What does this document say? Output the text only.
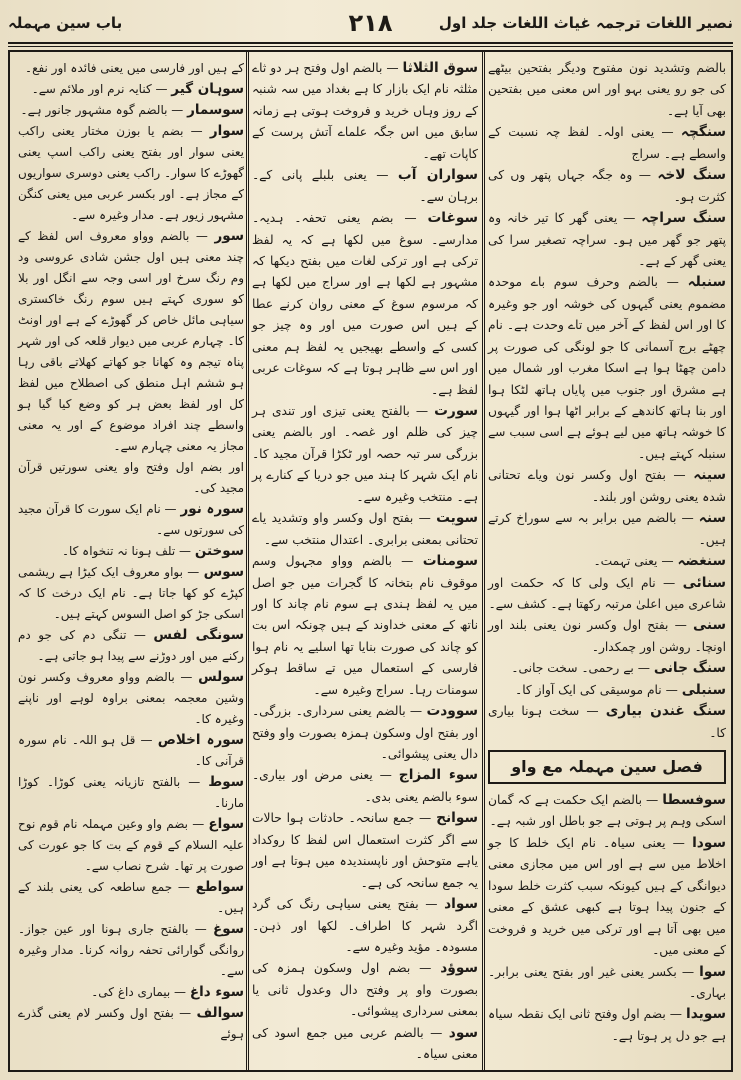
باب سین مہملہ	۲۱۸	نصیر اللغات ترجمہ غیاث اللغات جلد اول

بالضم وتشدید نون مفتوح ودیگر بفتحین بیٹھے کی جو رو یعنی بہو اور اس معنی میں بفتحین بھی آیا ہے۔

سنگچہ — یعنی اولہ۔ لفظ چہ نسبت کے واسطے ہے۔ سراج

سنگ لاخہ — وہ جگہ جہاں پتھر وں کی کثرت ہو۔

سنگ سراچہ — یعنی گھر کا تیر خانہ وہ پتھر جو گھر میں ہو۔ سراچہ تصغیر سرا کی یعنی گھر کے ہے۔

سنبلہ — بالضم وحرف سوم باے موحدہ مضموم یعنی گیہوں کی خوشہ اور جو وغیرہ کا اور اس لفظ کے آخر میں تاے وحدت ہے۔ نام چھٹے برج آسمانی کا جو لونگی کی صورت پر دامن چھٹا ہوا ہے اسکا مغرب اور شمال میں ہے مشرق اور جنوب میں پایاں ہاتھ لٹکا ہوا اور بنا ہاتھ کاندھے کے برابر اٹھا ہوا اور گیہوں کا خوشہ ہاتھ میں لیے ہوئے ہے اسی سبب سے سنبلہ کہتے ہیں۔

سینہ — بفتح اول وکسر نون ویاے تحتانی شدہ یعنی روشن اور بلند۔

سنہ — بالضم میں برابر بہ سے سوراخ کرتے ہیں۔

سنغضہ — یعنی تہمت۔

سنائی — نام ایک ولی کا کہ حکمت اور شاعری میں اعلیٰ مرتبہ رکھتا ہے۔ کشف سے۔

سنی — بفتح اول وکسر نون یعنی بلند اور اونچا۔ روشن اور چمکدار۔

سنگ جانی — بے رحمی۔ سخت جانی۔

سنبلی — نام موسیقی کی ایک آواز کا۔

سنگ غندن بیاری — سخت ہونا بیاری کا۔

فصل سین مہملہ مع واو

سوفسطا — بالضم ایک حکمت ہے کہ گمان اسکی وہم پر ہوتی ہے جو باطل اور شبہ ہے۔

سودا — یعنی سیاہ۔ نام ایک خلط کا جو اخلاط میں سے ہے اور اس میں مجازی معنی دیوانگی کے ہیں کیونکہ سبب کثرت خلط سودا کے جنون پیدا ہوتا ہے کبھی عشق کے معنی میں بھی آتا ہے اور ترکی میں خرید و فروخت کے معنی میں۔

سوا — بکسر یعنی غیر اور بفتح یعنی برابر۔ بہاری۔

سویدا — بضم اول وفتح ثانی ایک نقطہ سیاہ ہے جو دل پر ہوتا ہے۔

سوق الثلاثا — بالضم اول وفتح ہر دو ثاے مثلثہ نام ایک بازار کا ہے بغداد میں سہ شنبہ کے روز وہاں خرید و فروخت ہوتی ہے زمانہ سابق میں اس جگہ علماے آتش پرست کے کاپات تھے۔

سواران آب — یعنی بلبلے پانی کے۔ برہان سے۔

سوغات — بضم یعنی تحفہ۔ ہدیہ۔ مدارسے۔ سوغ میں لکھا ہے کہ یہ لفظ ترکی ہے اور ترکی لغات میں بفتح دیکھا کہ مشہور ہے لکھا ہے اور سراج میں لکھا ہے کہ مرسوم سوغ کے معنی روان کرنے عطا کے ہیں اس صورت میں اور وہ چیز جو کسی کے واسطے بھیجیں یہ لفظ ہم معنی اور اس سے ظاہر ہوتا ہے کہ سوغات عربی لفظ ہے۔

سورت — بالفتح یعنی تیزی اور تندی ہر چیز کی ظلم اور غصہ۔ اور بالضم یعنی بزرگی سر تبہ حصہ اور ٹکڑا قرآن مجید کا۔ نام ایک شہر کا ہند میں جو دریا کے کنارے پر ہے۔ منتخب وغیرہ سے۔

سویت — بفتح اول وکسر واو وتشدید یاے تحتانی بمعنی برابری۔ اعتدال منتخب سے۔

سومنات — بالضم وواو مجہول وسم موقوف نام بتخانہ کا گجرات میں جو اصل میں یہ لفظ ہندی ہے سوم نام چاند کا اور ناتھ کے معنی خداوند کے ہیں چونکہ اس بت کو چاند کی صورت بنایا تھا اسلیے یہ نام ہوا فارسی کے استعمال میں تے ساقط ہوکر سومنات رہا۔ سراج وغیرہ سے۔

سوودت — بالضم یعنی سرداری۔ بزرگی۔ اور بفتح اول وسکون ہمزہ بصورت واو وفتح دال یعنی پیشوائی۔

سوء المزاج — یعنی مرض اور بیاری۔ سوء بالضم یعنی بدی۔

سوانح — جمع سانحہ۔ حادثات ہوا حالات سے اگر کثرت استعمال اس لفظ کا روکداد یاہے متوحش اور ناپسندیدہ میں ہوتا ہے اور یہ جمع سانحہ کی ہے۔

سواد — بفتح یعنی سیاہی رنگ کی گرد اگرد شہر کا اطراف۔ لکھا اور ذہن۔ مسودہ۔ مؤید وغیرہ سے۔

سوؤد — بضم اول وسکون ہمزہ کی بصورت واو پر وفتح دال وعدول ثانی یا بمعنی سرداری پیشوائی۔

سود — بالضم عربی میں جمع اسود کی معنی سیاہ۔

کے ہیں اور فارسی میں یعنی فائدہ اور نفع۔

سوہان گیر — کنایہ نرم اور ملائم سے۔

سوسمار — بالضم گوہ مشہور جانور ہے۔

سوار — بضم یا بوزن مختار یعنی راکب یعنی سوار اور بفتح یعنی راکب اسپ یعنی گھوڑے کا سوار۔ راکب یعنی دوسری سواریوں کے مجاز ہے۔ اور بکسر عربی میں یعنی کنگن مشہور زیور ہے۔ مدار وغیرہ سے۔

سور — بالضم وواو معروف اس لفظ کے چند معنی ہیں اول جشن شادی عروسی ود وم رنگ سرخ اور اسی وجہ سے انگل اور بلا کو سوری کہتے ہیں سوم رنگ خاکستری سیاہی مائل خاص کر گھوڑے کے ہے اور اونٹ کا۔ چہارم عربی میں دیوار قلعہ کی اور شہر پناہ تیجم وہ کھانا جو کھاتے کھلاتے باقی رہا ہو ششم اہل منطق کی اصطلاح میں لفظ کل اور لفظ بعض ہر کو وضع کیا گیا ہو واسطے چند افراد موضوع کے اور یہ معنی مجاز یہ معنی چہارم سے۔

اور بضم اول وفتح واو یعنی سورتیں قرآن مجید کی۔

سورہ نور — نام ایک سورت کا قرآن مجید کی سورتوں سے۔

سوختن — تلف ہونا نہ تنخواہ کا۔

سوس — بواو معروف ایک کیڑا ہے ریشمی کپڑے کو کھا جاتا ہے۔ نام ایک درخت کا کہ اسکی جڑ کو اصل السوس کہتے ہیں۔

سونگی لفس — تنگی دم کی جو دم رکنے میں اور دوڑنے سے پیدا ہو جاتی ہے۔

سولس — بالضم وواو معروف وکسر نون وشین معجمہ بمعنی براوہ لوہے اور ناپنے وغیرہ کا۔

سورہ اخلاص — قل ہو اللہ۔ نام سورہ قرآنی کا۔

سوط — بالفتح تازیانہ یعنی کوڑا۔ کوڑا مارنا۔

سواع — بضم واو وعین مہملہ نام قوم نوح علیہ السلام کے قوم کے بت کا جو عورت کی صورت پر تھا۔ شرح نصاب سے۔

سواطع — جمع ساطعہ کی یعنی بلند کے ہیں۔

سوغ — بالفتح جاری ہونا اور عین جواز۔ روانگی گوارائی تحفہ روانہ کرنا۔ مدار وغیرہ سے۔

سوء داغ — بیماری داغ کی۔

سوالف — بفتح اول وکسر لام یعنی گذرے ہوئے
